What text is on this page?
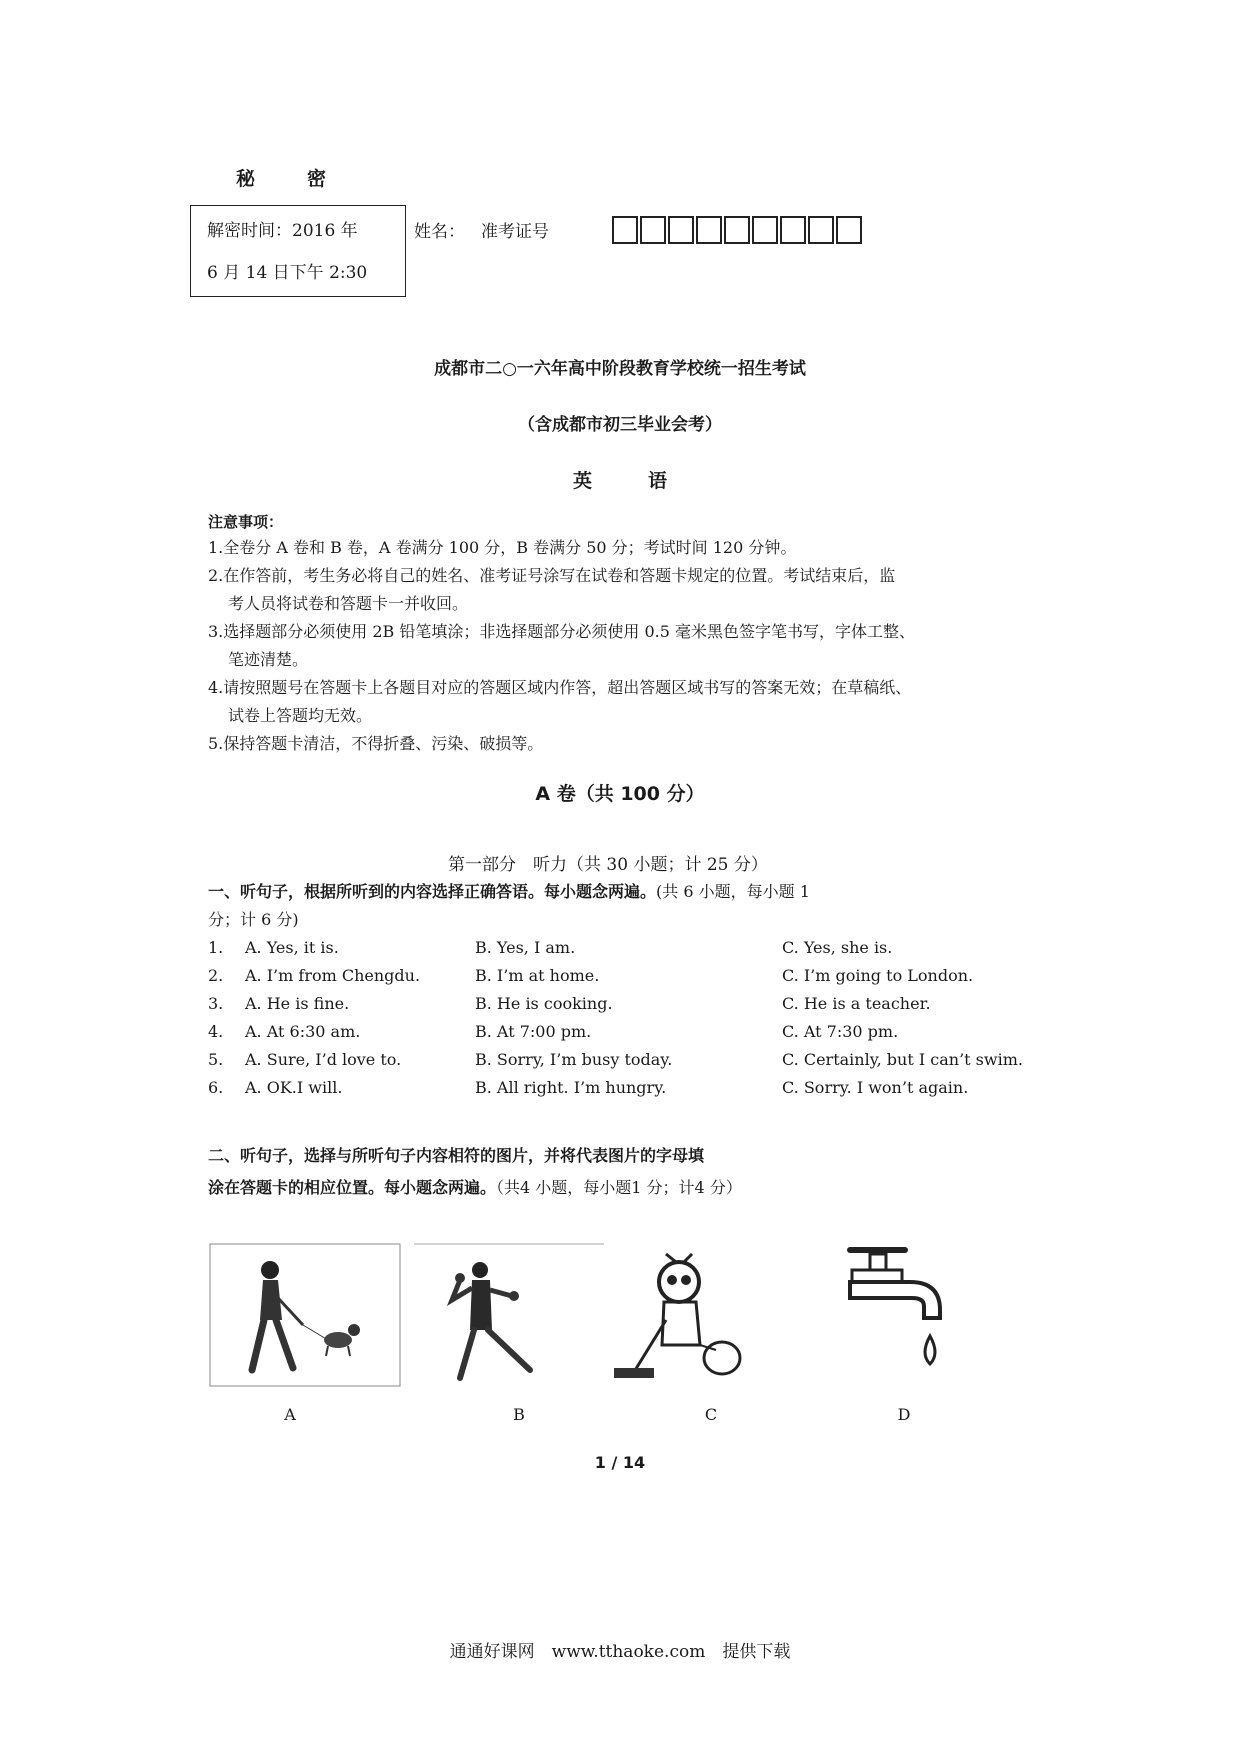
秘	密
解密时间：2016 年
6 月 14 日下午 2:30
姓名： 准考证号
成都市二○一六年高中阶段教育学校统一招生考试
（含成都市初三毕业会考）
英	语
注意事项：
1.全卷分 A 卷和 B 卷，A 卷满分 100 分，B 卷满分 50 分；考试时间 120 分钟。
2.在作答前，考生务必将自己的姓名、准考证号涂写在试卷和答题卡规定的位置。考试结束后，监
考人员将试卷和答题卡一并收回。
3.选择题部分必须使用 2B 铅笔填涂；非选择题部分必须使用 0.5 毫米黑色签字笔书写，字体工整、
笔迹清楚。
4.请按照题号在答题卡上各题目对应的答题区域内作答，超出答题区域书写的答案无效；在草稿纸、
试卷上答题均无效。
5.保持答题卡清洁，不得折叠、污染、破损等。
A 卷（共 100 分）
第一部分　听力（共 30 小题；计 25 分）
一、听句子，根据所听到的内容选择正确答语。每小题念两遍。(共 6 小题，每小题 1
分；计 6 分)
1. A. Yes, it is.	B. Yes, I am.	C. Yes, she is.
2. A. I’m from Chengdu.	B. I’m at home.	C. I’m going to London.
3. A. He is fine.	B. He is cooking.	C. He is a teacher.
4. A. At 6:30 am.	B. At 7:00 pm.	C. At 7:30 pm.
5. A. Sure, I’d love to.	B. Sorry, I’m busy today.	C. Certainly, but I can’t swim.
6. A. OK.I will.	B. All right. I’m hungry.	C. Sorry. I won’t again.
二、听句子，选择与所听句子内容相符的图片，并将代表图片的字母填
涂在答题卡的相应位置。每小题念两遍。（共4 小题，每小题1 分；计4 分）
A	B	C	D
1 / 14
通通好课网　www.tthaoke.com　提供下载
